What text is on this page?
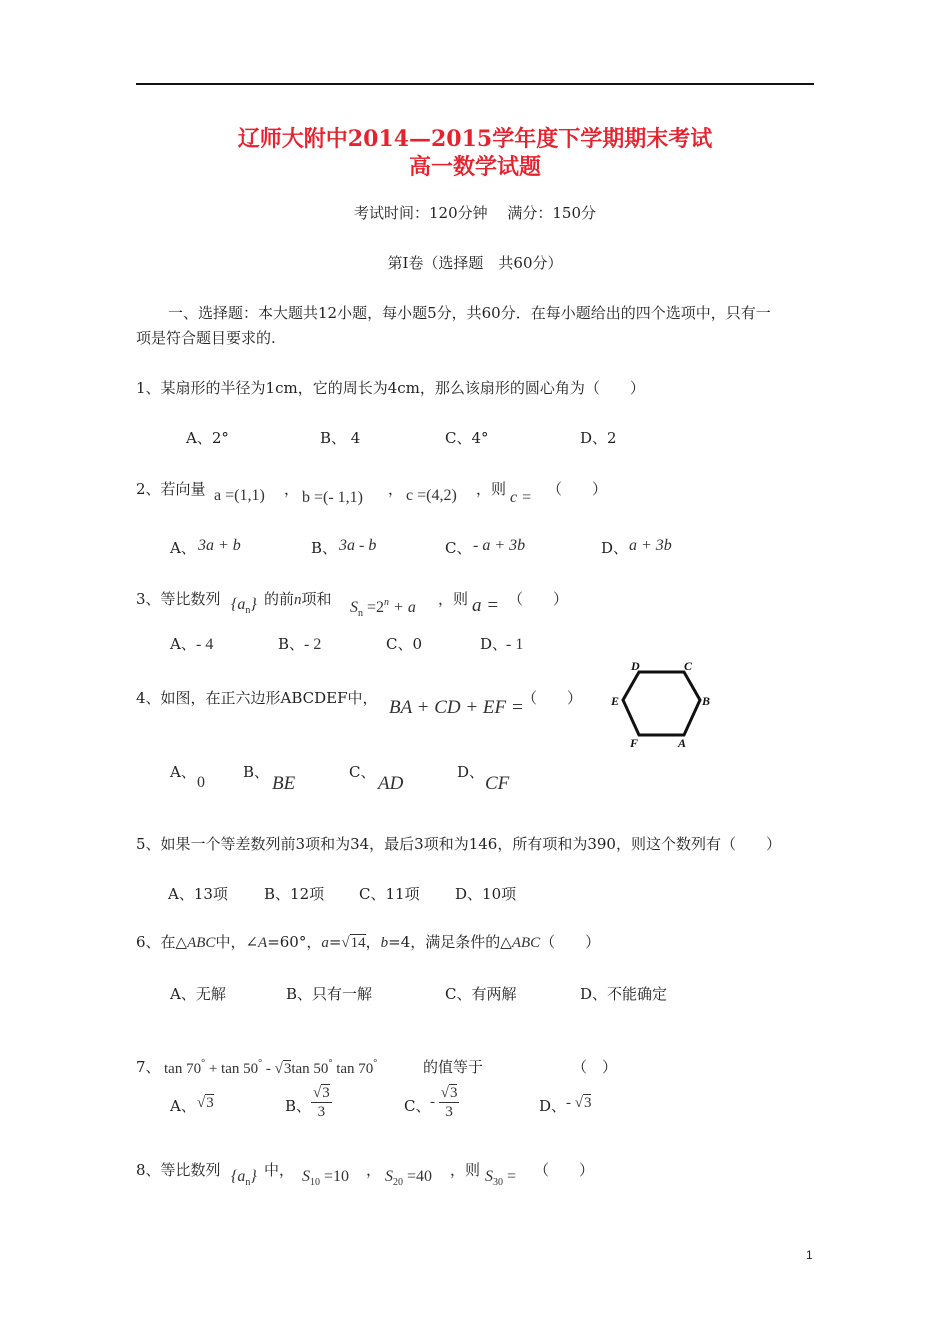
辽师大附中2014—2015学年度下学期期末考试
高一数学试题
考试时间：120分钟　 满分：150分
第Ⅰ卷（选择题　共60分）
一、选择题：本大题共12小题，每小题5分，共60分．在每小题给出的四个选项中，只有一
项是符合题目要求的.
1、某扇形的半径为1cm，它的周长为4cm，那么该扇形的圆心角为（　　）
A、2°	B、 4	C、4°	D、2
2、若向量 a =(1,1) ， b =(- 1,1) ， c =(4,2) ，则 c = （　　）
A、 3a + b	B、 3a - b	C、 - a + 3b	D、 a + 3b
3、等比数列 $\{a_n\}$ 的前n项和 $S_n =2^n + a$ ，则 a = （　　）
A、 - 4	B、 - 2	C、0	D、
- 1
4、如图，在正六边形ABCDEF中， BA + CD + EF =
（　　）
D	C
B
E
F	A
A、
0
B、
BE
C、
AD
D、
CF
5、如果一个等差数列前3项和为34，最后3项和为146，所有项和为390，则这个数列有（　　）
A、13项 B、12项 C、11项 D、10项
6、在△ABC中，∠A=60°，a=√14，b=4，满足条件的△ABC（　　）
A、无解	B、只有一解	C、有两解	D、不能确定
7、 tan 70° + tan 50° - √3tan 50° tan 70°	的值等于	（　）
A、 √3	B、 $\frac{√3}{3}$	C、 - $\frac{√3}{3}$	D、 - √3
8、等比数列 $\{a_n\}$ 中， $S_{10} =10$ ， $S_{20} =40$ ，则 $S_{30}$ = （　　）
1
